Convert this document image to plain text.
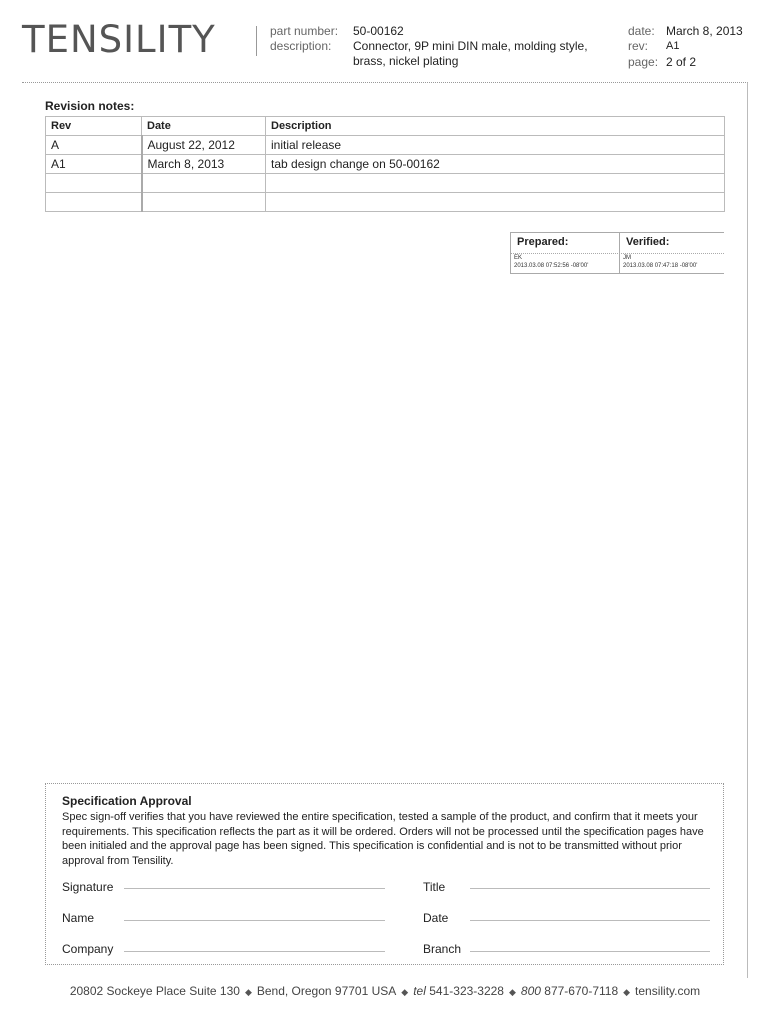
TENSILITY	part number: 50-00162
description: Connector, 9P mini DIN male, molding style,
brass, nickel plating
date: March 8, 2013
rev: A1
page: 2 of 2
Revision notes:
Rev	Date	Description
A	August 22, 2012	initial release
A1	March 8, 2013	tab design change on 50-00162

Prepared:
EK
2013.03.08 07:52:56 -08'00'
Verified:
JM
2013.03.08 07:47:18 -08'00'
Specification Approval
Spec sign-off verifies that you have reviewed the entire specification, tested a sample of the product, and confirm that it meets your requirements. This specification reflects the part as it will be ordered. Orders will not be processed until the specification pages have been initialed and the approval page has been signed. This specification is confidential and is not to be transmitted without prior approval from Tensility.
Signature	Title
Name	Date
Company	Branch
20802 Sockeye Place Suite 130 ◆ Bend, Oregon 97701 USA ◆ tel 541-323-3228 ◆ 800 877-670-7118 ◆ tensility.com
